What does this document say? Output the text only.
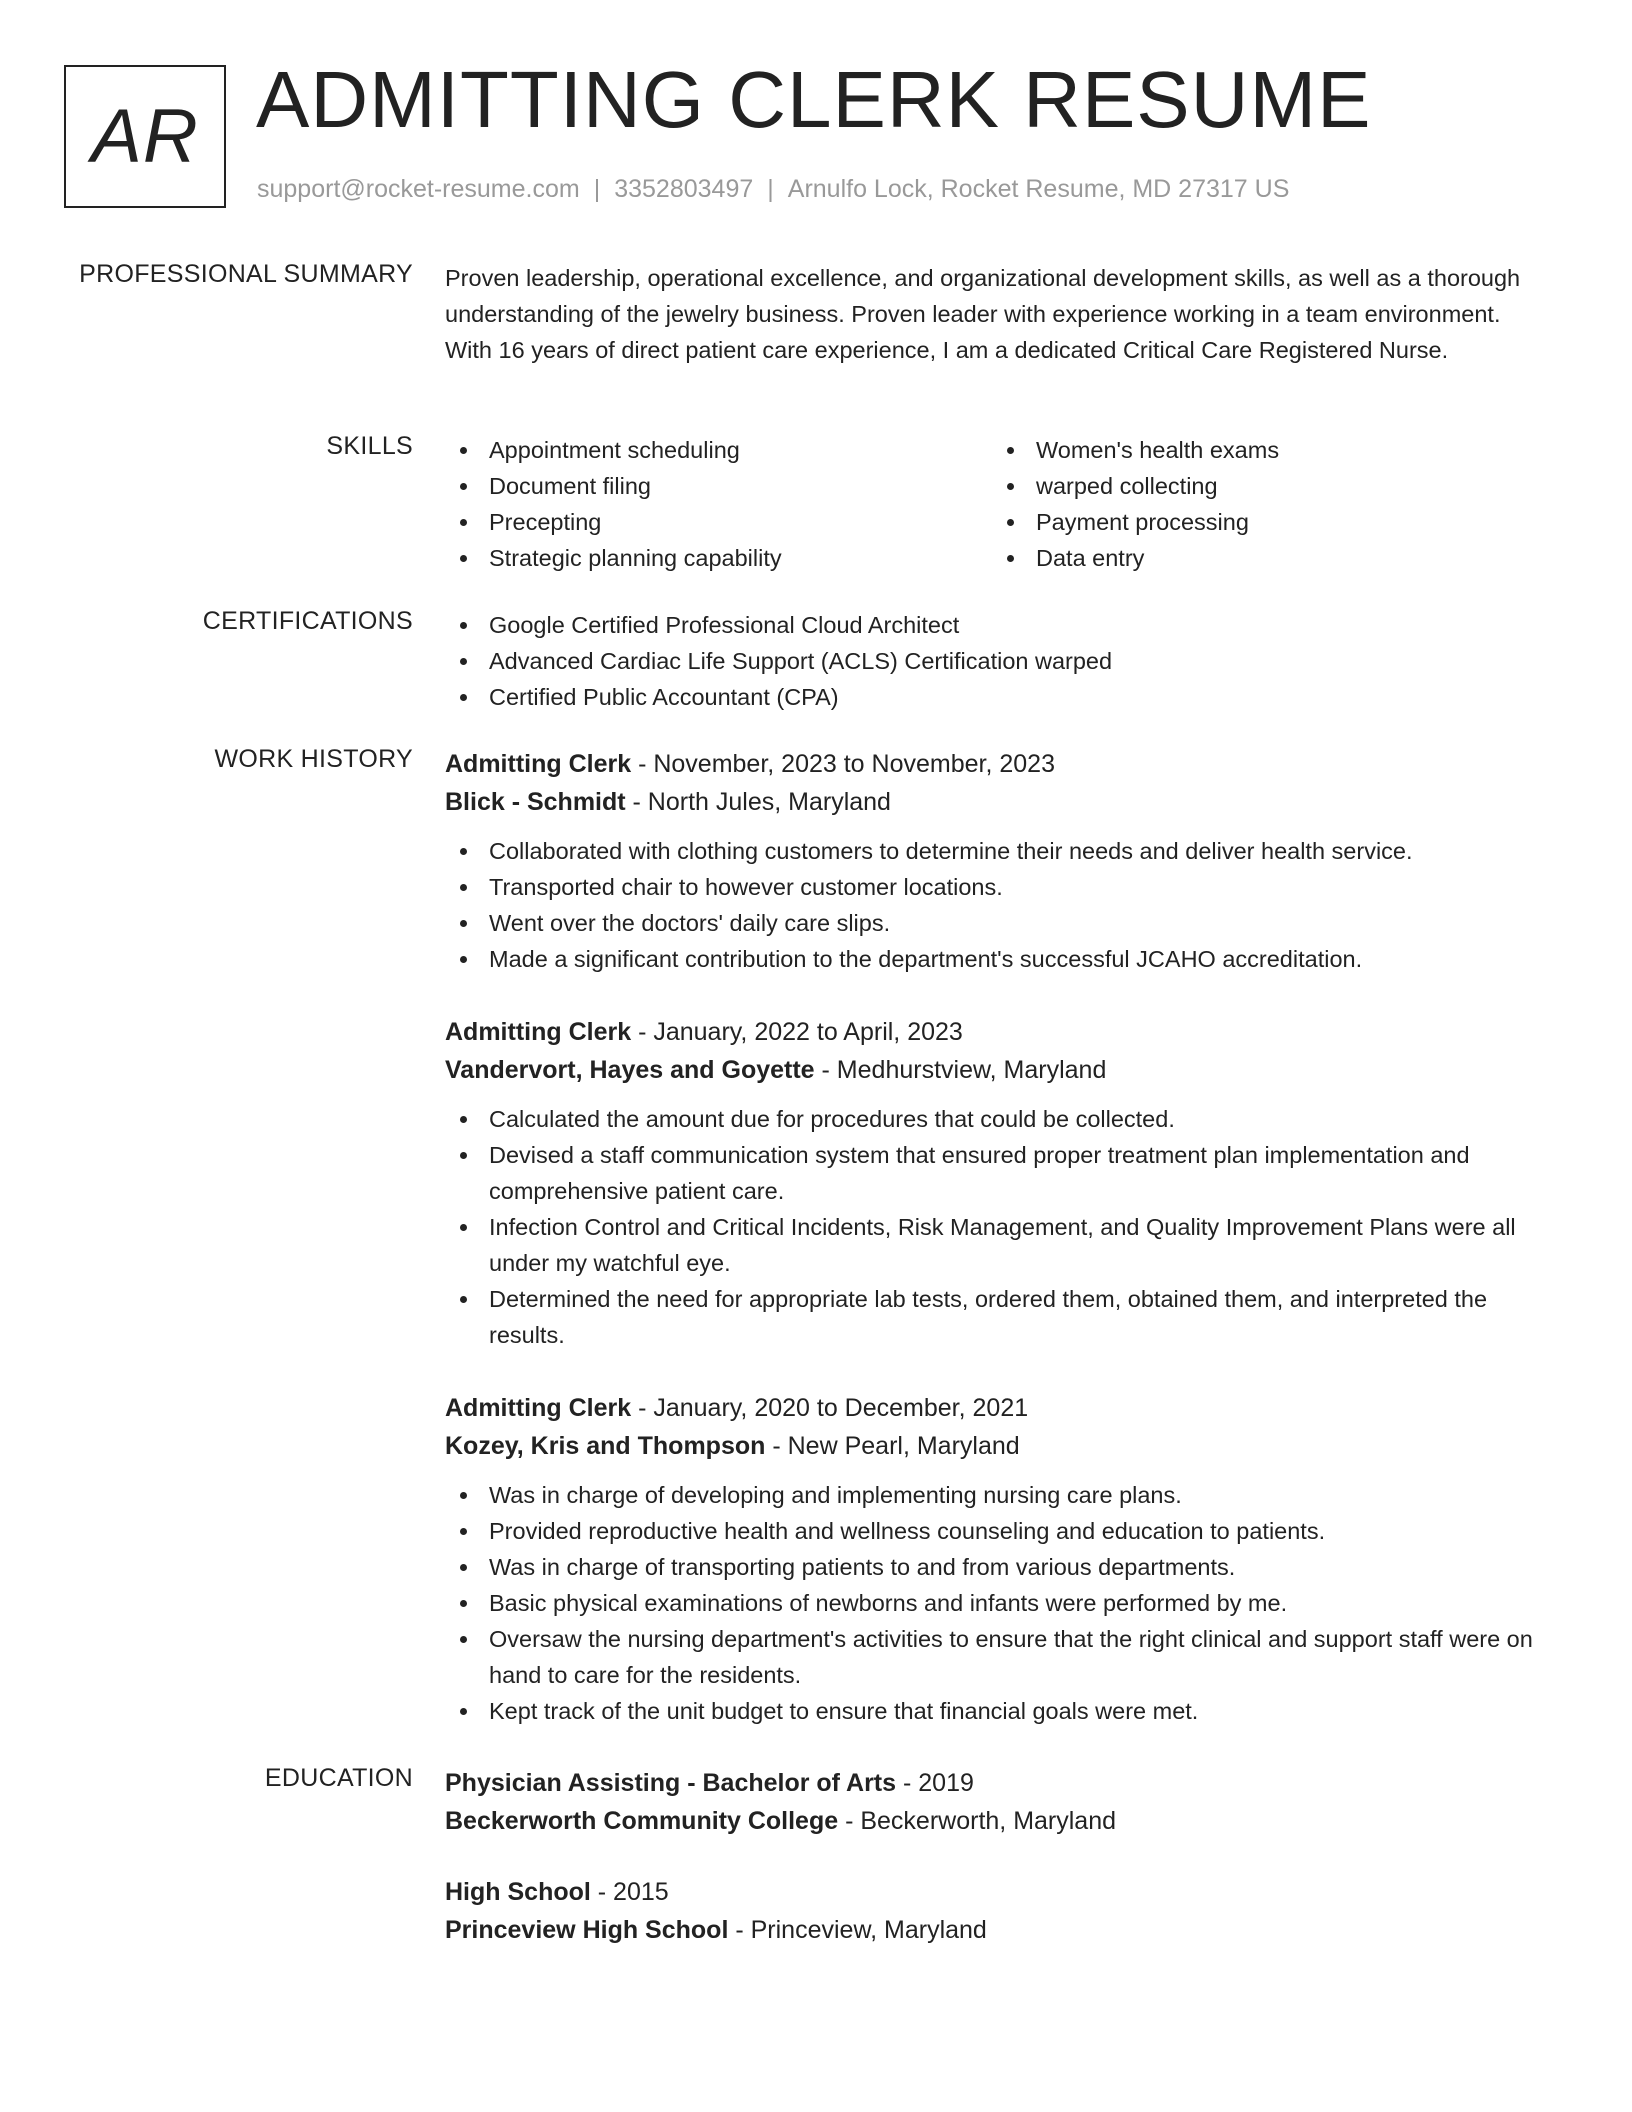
AR ADMITTING CLERK RESUME
support@rocket-resume.com | 3352803497 | Arnulfo Lock, Rocket Resume, MD 27317 US
PROFESSIONAL SUMMARY Proven leadership, operational excellence, and organizational development skills, as well as a thorough understanding of the jewelry business. Proven leader with experience working in a team environment. With 16 years of direct patient care experience, I am a dedicated Critical Care Registered Nurse.
SKILLS	Appointment scheduling
Document filing
Precepting
Strategic planning capability
Women's health exams
warped collecting
Payment processing
Data entry
CERTIFICATIONS	Google Certified Professional Cloud Architect
Advanced Cardiac Life Support (ACLS) Certification warped
Certified Public Accountant (CPA)
WORK HISTORY Admitting Clerk - November, 2023 to November, 2023
Blick - Schmidt - North Jules, Maryland
Collaborated with clothing customers to determine their needs and deliver health service.
Transported chair to however customer locations.
Went over the doctors' daily care slips.
Made a significant contribution to the department's successful JCAHO accreditation.
Admitting Clerk - January, 2022 to April, 2023
Vandervort, Hayes and Goyette - Medhurstview, Maryland
Calculated the amount due for procedures that could be collected.
Devised a staff communication system that ensured proper treatment plan implementation and comprehensive patient care.
Infection Control and Critical Incidents, Risk Management, and Quality Improvement Plans were all under my watchful eye.
Determined the need for appropriate lab tests, ordered them, obtained them, and interpreted the results.
Admitting Clerk - January, 2020 to December, 2021
Kozey, Kris and Thompson - New Pearl, Maryland
Was in charge of developing and implementing nursing care plans.
Provided reproductive health and wellness counseling and education to patients.
Was in charge of transporting patients to and from various departments.
Basic physical examinations of newborns and infants were performed by me.
Oversaw the nursing department's activities to ensure that the right clinical and support staff were on hand to care for the residents.
Kept track of the unit budget to ensure that financial goals were met.
EDUCATION Physician Assisting - Bachelor of Arts - 2019
Beckerworth Community College - Beckerworth, Maryland
High School - 2015
Princeview High School - Princeview, Maryland
